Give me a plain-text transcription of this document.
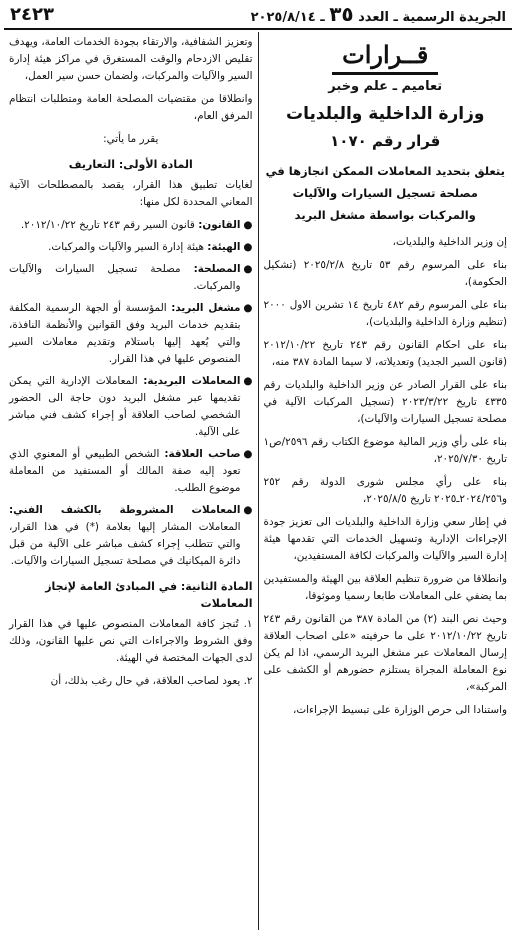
الجريدة الرسمية ـ العدد ٣٥ ـ ٢٠٢٥/٨/١٤
٢٤٢٣
قــرارات
تعاميم ـ علم وخبر
وزارة الداخلية والبلديات
قرار رقم ١٠٧٠
يتعلق بتحديد المعاملات الممكن انجازها في مصلحة تسجيل السيارات والآليات والمركبات بواسطة مشغل البريد

إن وزير الداخلية والبلديات،

بناء على المرسوم رقم ٥٣ تاريخ ٢٠٢٥/٢/٨ (تشكيل الحكومة)،

بناء على المرسوم رقم ٤٨٢ تاريخ ١٤ تشرين الاول ٢٠٠٠ (تنظيم وزارة الداخلية والبلديات)،

بناء على احكام القانون رقم ٢٤٣ تاريخ ٢٠١٢/١٠/٢٢ (قانون السير الجديد) وتعديلاته، لا سيما المادة ٣٨٧ منه،

بناء على القرار الصادر عن وزير الداخلية والبلديات رقم ٤٣٣٥ تاريخ ٢٠٢٣/٣/٢٢ (تسجيل المركبات الآلية في مصلحة تسجيل السيارات والآليات)،

بناء على رأي وزير المالية موضوع الكتاب رقم ٢٥٩٦/ص١ تاريخ ٢٠٢٥/٧/٣٠،

بناء على رأي مجلس شورى الدولة رقم ٢٥٢ و٢٠٢٤/٢٥٦ـ٢٠٢٥ تاريخ ٢٠٢٥/٨/٥،

في إطار سعي وزارة الداخلية والبلديات الى تعزيز جودة الإجراءات الإدارية وتسهيل الخدمات التي تقدمها هيئة إدارة السير والآليات والمركبات لكافة المستفيدين،

وانطلاقا من ضرورة تنظيم العلاقة بين الهيئة والمستفيدين بما يضفي على المعاملات طابعا رسميا وموثوقا،

وحيث نص البند (٢) من المادة ٣٨٧ من القانون رقم ٢٤٣ تاريخ ٢٠١٢/١٠/٢٢ على ما حرفيته «على اصحاب العلاقة إرسال المعاملات عبر مشغل البريد الرسمي، اذا لم يكن نوع المعاملة المجراة يستلزم حضورهم أو الكشف على المركبة»،

واستنادا الى حرص الوزارة على تبسيط الإجراءات،

وتعزيز الشفافية، والارتقاء بجودة الخدمات العامة، ويهدف تقليص الازدحام والوقت المستغرق في مراكز هيئة إدارة السير والآليات والمركبات، ولضمان حسن سير العمل،

وانطلاقا من مقتضيات المصلحة العامة ومتطلبات انتظام المرفق العام،

يقرر ما يأتي:

المادة الأولى: التعاريف

لغايات تطبيق هذا القرار، يقصد بالمصطلحات الآتية المعاني المحددة لكل منها:

●
القانون: قانون السير رقم ٢٤٣ تاريخ ٢٠١٢/١٠/٢٢.
●
الهيئة: هيئة إدارة السير والآليات والمركبات.
●
المصلحة: مصلحة تسجيل السيارات والآليات والمركبات.
●
مشغل البريد: المؤسسة أو الجهة الرسمية المكلفة بتقديم خدمات البريد وفق القوانين والأنظمة النافذة، والتي يُعهد إليها باستلام وتقديم معاملات السير المنصوص عليها في هذا القرار.
●
المعاملات البريدية: المعاملات الإدارية التي يمكن تقديمها عبر مشغل البريد دون حاجة الى الحضور الشخصي لصاحب العلاقة أو إجراء كشف فني مباشر على الآلية.
●
صاحب العلاقة: الشخص الطبيعي أو المعنوي الذي تعود إليه صفة المالك أو المستفيد من المعاملة موضوع الطلب.
●
المعاملات المشروطة بالكشف الفني: المعاملات المشار إليها بعلامة (*) في هذا القرار، والتي تتطلب إجراء كشف مباشر على الآلية من قبل دائرة الميكانيك في مصلحة تسجيل السيارات والآليات.
المادة الثانية: في المبادئ العامة لإنجاز المعاملات

١. تُنجز كافة المعاملات المنصوص عليها في هذا القرار وفق الشروط والاجراءات التي نص عليها القانون، وذلك لدى الجهات المختصة في الهيئة.

٢. يعود لصاحب العلاقة، في حال رغب بذلك، أن
